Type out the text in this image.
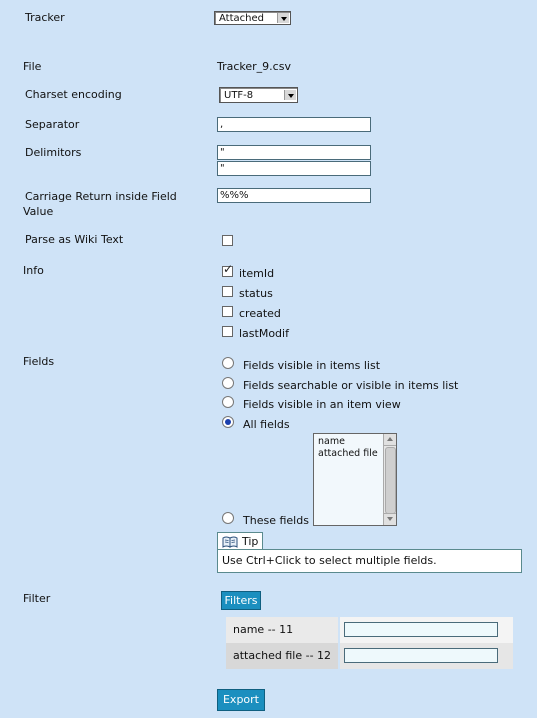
Tracker	Attached
File	Tracker_9.csv
Charset encoding	UTF-8
Separator	,
Delimitors	"
"
Carriage Return inside Field
Value
%%%
Parse as Wiki Text
Info
✓	itemId
status
created
lastModif
Fields	Fields visible in items list
Fields searchable or visible in items list
Fields visible in an item view
All fields
These fields
name
attached file
Tip
Use Ctrl+Click to select multiple fields.
Filter	Filters
name -- 11
attached file -- 12
Export
